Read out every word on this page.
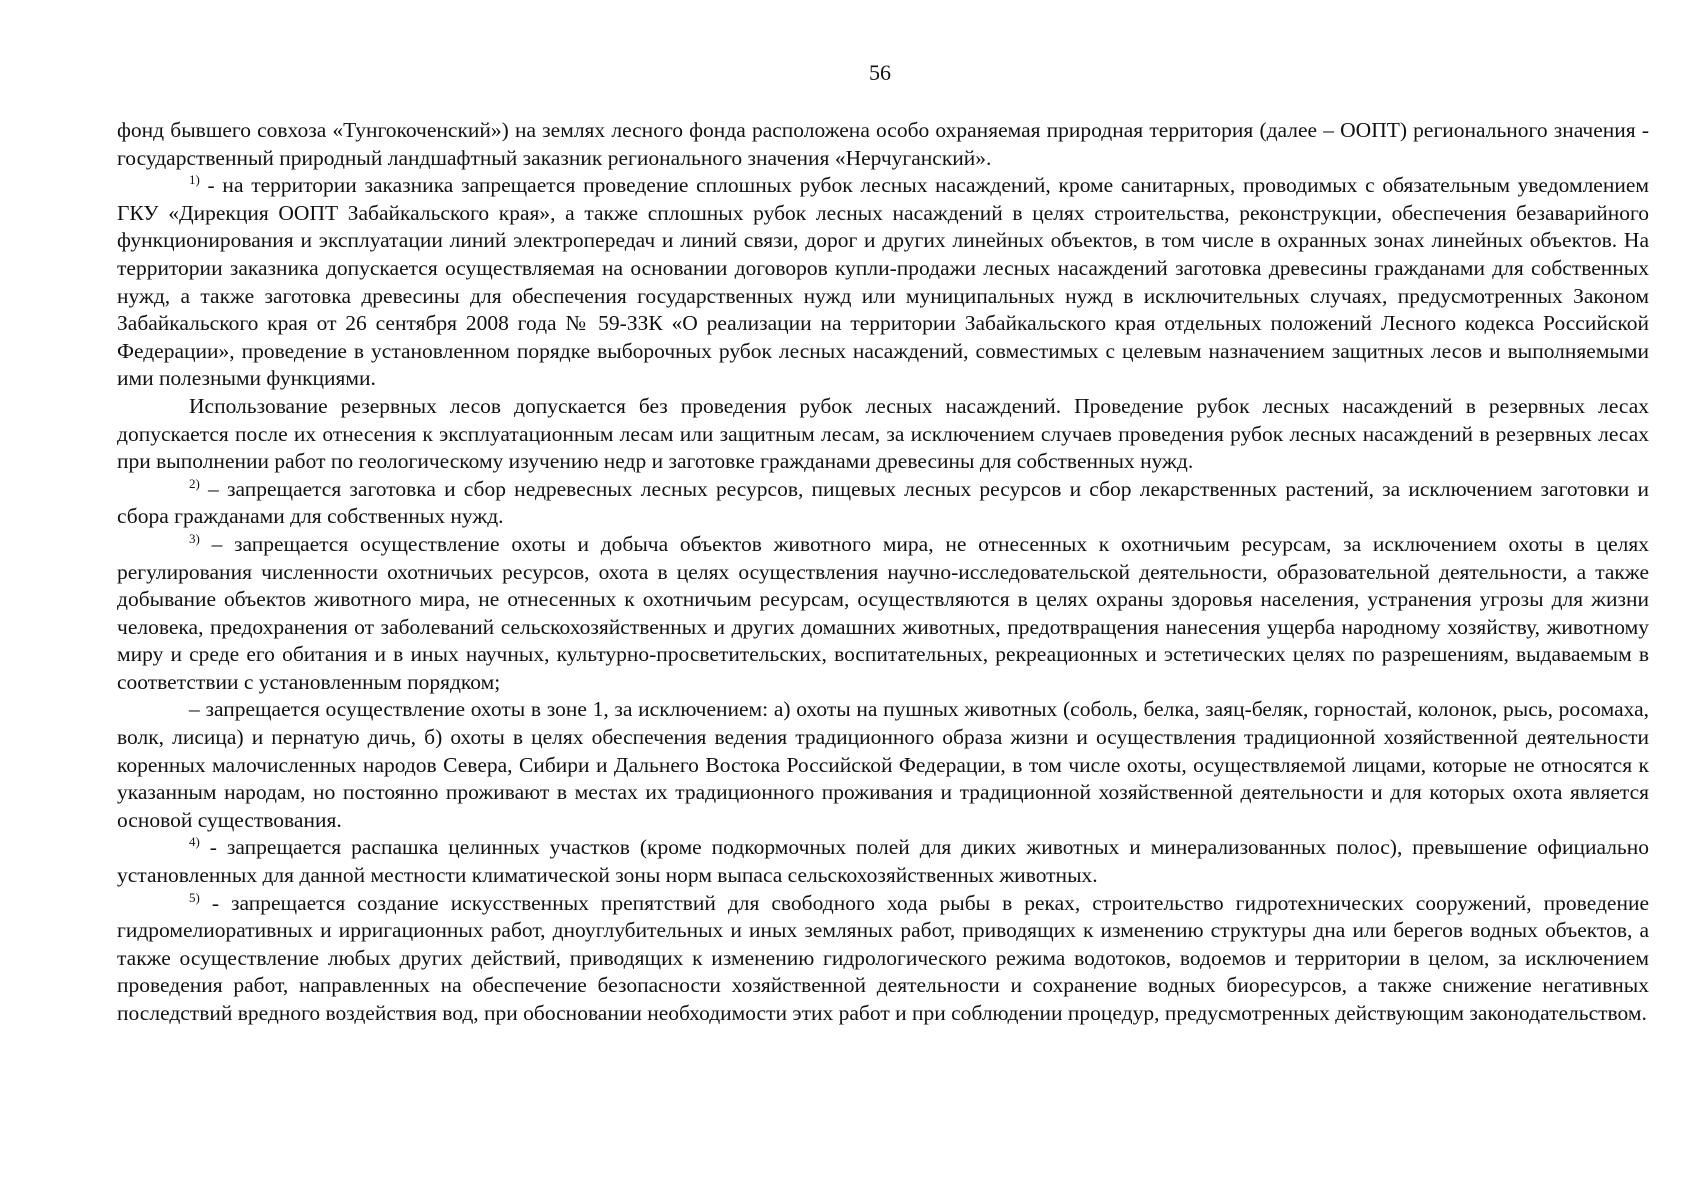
56

фонд бывшего совхоза «Тунгокоченский») на землях лесного фонда расположена особо охраняемая природная территория (далее – ООПТ) регионального значения - государственный природный ландшафтный заказник регионального значения «Нерчуганский».

$^{1)}$ - на территории заказника запрещается проведение сплошных рубок лесных насаждений, кроме санитарных, проводимых с обязательным уведомлением ГКУ «Дирекция ООПТ Забайкальского края», а также сплошных рубок лесных насаждений в целях строительства, реконструкции, обеспечения безаварийного функционирования и эксплуатации линий электропередач и линий связи, дорог и других линейных объектов, в том числе в охранных зонах линейных объектов. На территории заказника допускается осуществляемая на основании договоров купли-продажи лесных насаждений заготовка древесины гражданами для собственных нужд, а также заготовка древесины для обеспечения государственных нужд или муниципальных нужд в исключительных случаях, предусмотренных Законом Забайкальского края от 26 сентября 2008 года № 59-ЗЗК «О реализации на территории Забайкальского края отдельных положений Лесного кодекса Российской Федерации», проведение в установленном порядке выборочных рубок лесных насаждений, совместимых с целевым назначением защитных лесов и выполняемыми ими полезными функциями.

Использование резервных лесов допускается без проведения рубок лесных насаждений. Проведение рубок лесных насаждений в резервных лесах допускается после их отнесения к эксплуатационным лесам или защитным лесам, за исключением случаев проведения рубок лесных насаждений в резервных лесах при выполнении работ по геологическому изучению недр и заготовке гражданами древесины для собственных нужд.

$^{2)}$ – запрещается заготовка и сбор недревесных лесных ресурсов, пищевых лесных ресурсов и сбор лекарственных растений, за исключением заготовки и сбора гражданами для собственных нужд.

$^{3)}$ – запрещается осуществление охоты и добыча объектов животного мира, не отнесенных к охотничьим ресурсам, за исключением охоты в целях регулирования численности охотничьих ресурсов, охота в целях осуществления научно-исследовательской деятельности, образовательной деятельности, а также добывание объектов животного мира, не отнесенных к охотничьим ресурсам, осуществляются в целях охраны здоровья населения, устранения угрозы для жизни человека, предохранения от заболеваний сельскохозяйственных и других домашних животных, предотвращения нанесения ущерба народному хозяйству, животному миру и среде его обитания и в иных научных, культурно-просветительских, воспитательных, рекреационных и эстетических целях по разрешениям, выдаваемым в соответствии с установленным порядком;

– запрещается осуществление охоты в зоне 1, за исключением: а) охоты на пушных животных (соболь, белка, заяц-беляк, горностай, колонок, рысь, росомаха, волк, лисица) и пернатую дичь, б) охоты в целях обеспечения ведения традиционного образа жизни и осуществления традиционной хозяйственной деятельности коренных малочисленных народов Севера, Сибири и Дальнего Востока Российской Федерации, в том числе охоты, осуществляемой лицами, которые не относятся к указанным народам, но постоянно проживают в местах их традиционного проживания и традиционной хозяйственной деятельности и для которых охота является основой существования.

$^{4)}$ - запрещается распашка целинных участков (кроме подкормочных полей для диких животных и минерализованных полос), превышение официально установленных для данной местности климатической зоны норм выпаса сельскохозяйственных животных.

$^{5)}$ - запрещается создание искусственных препятствий для свободного хода рыбы в реках, строительство гидротехнических сооружений, проведение гидромелиоративных и ирригационных работ, дноуглубительных и иных земляных работ, приводящих к изменению структуры дна или берегов водных объектов, а также осуществление любых других действий, приводящих к изменению гидрологического режима водотоков, водоемов и территории в целом, за исключением проведения работ, направленных на обеспечение безопасности хозяйственной деятельности и сохранение водных биоресурсов, а также снижение негативных последствий вредного воздействия вод, при обосновании необходимости этих работ и при соблюдении процедур, предусмотренных действующим законодательством.
